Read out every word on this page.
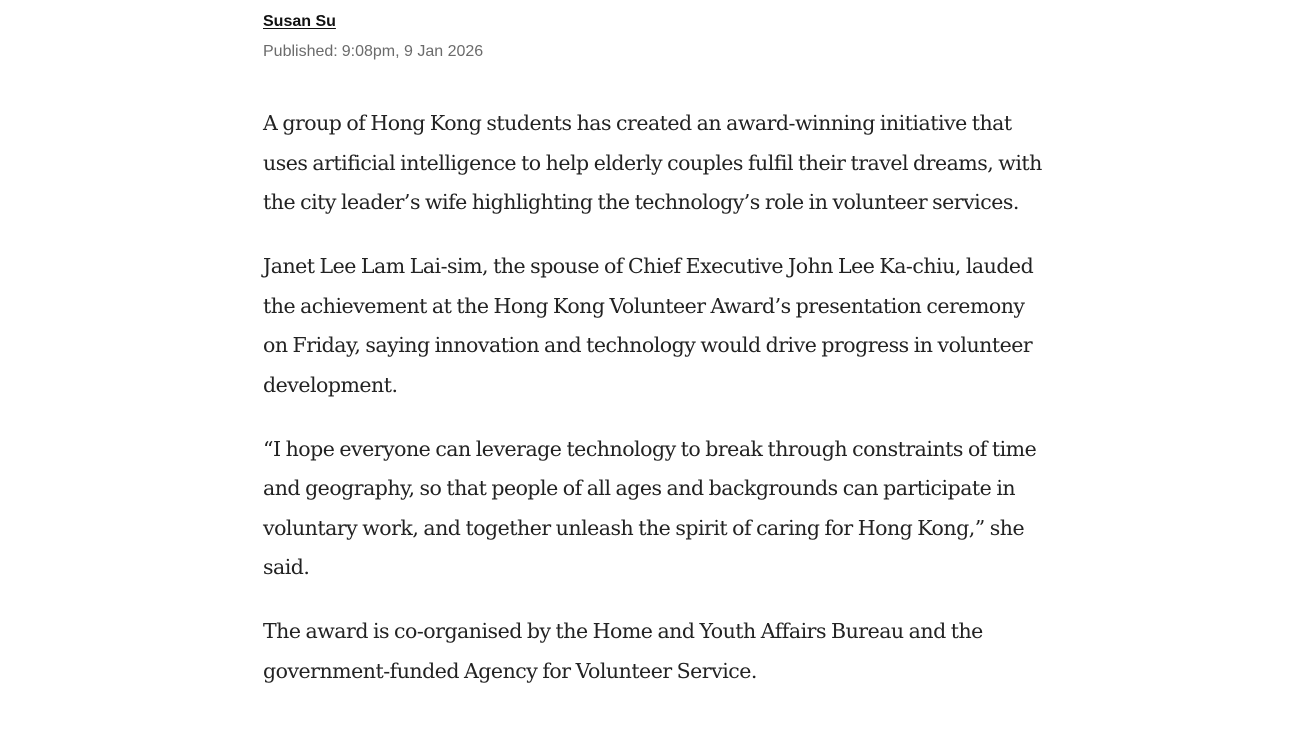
Susan Su
Published: 9:08pm, 9 Jan 2026

A group of Hong Kong students has created an award-winning initiative that uses artificial intelligence to help elderly couples fulfil their travel dreams, with the city leader’s wife highlighting the technology’s role in volunteer services.

Janet Lee Lam Lai-sim, the spouse of Chief Executive John Lee Ka-chiu, lauded the achievement at the Hong Kong Volunteer Award’s presentation ceremony on Friday, saying innovation and technology would drive progress in volunteer development.

“I hope everyone can leverage technology to break through constraints of time and geography, so that people of all ages and backgrounds can participate in voluntary work, and together unleash the spirit of caring for Hong Kong,” she said.

The award is co-organised by the Home and Youth Affairs Bureau and the government-funded Agency for Volunteer Service.
